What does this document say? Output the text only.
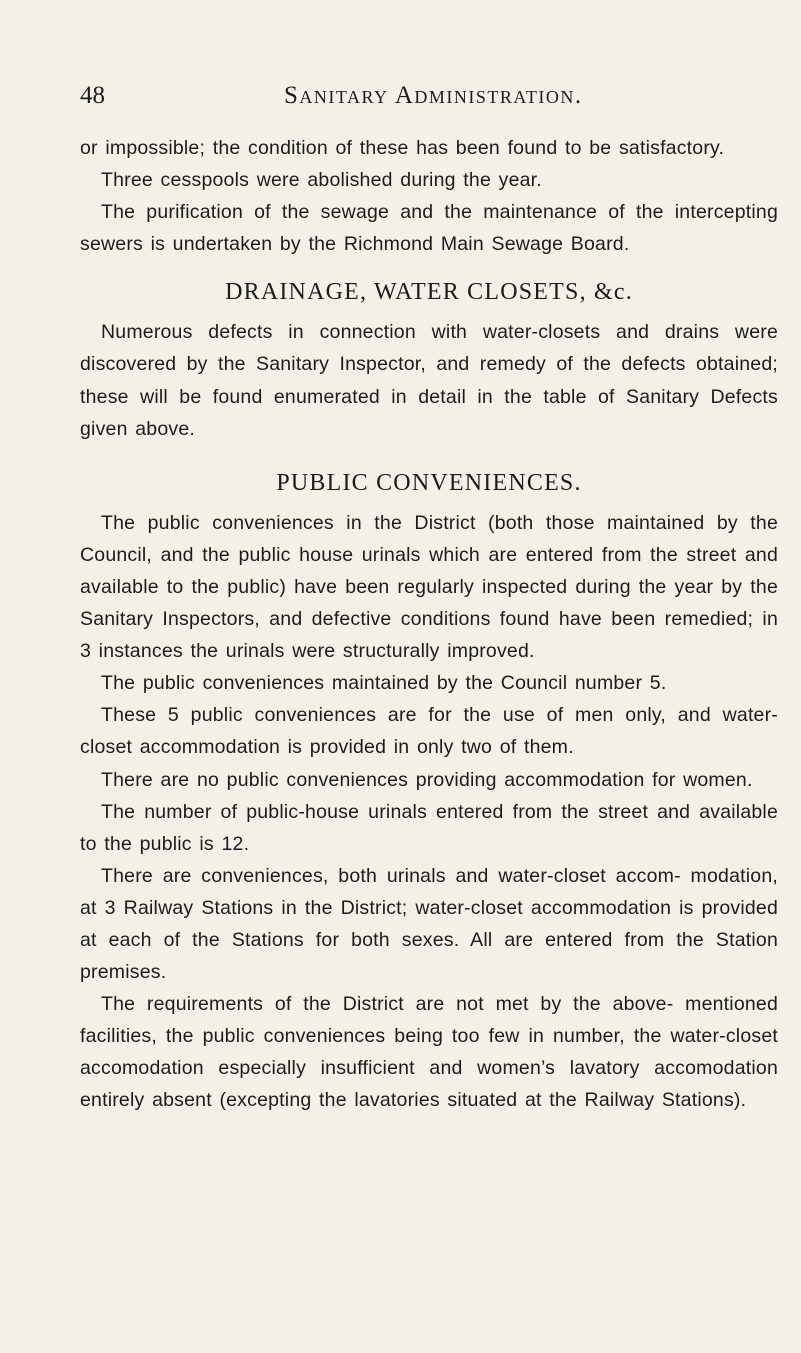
48	Sanitary Administration.

or impossible; the condition of these has been found to be satisfactory.

Three cesspools were abolished during the year.

The purification of the sewage and the maintenance of the intercepting sewers is undertaken by the Richmond Main Sewage Board.

DRAINAGE, WATER CLOSETS, &c.

Numerous defects in connection with water-closets and drains were discovered by the Sanitary Inspector, and remedy of the defects obtained; these will be found enumerated in detail in the table of Sanitary Defects given above.

PUBLIC CONVENIENCES.

The public conveniences in the District (both those maintained by the Council, and the public house urinals which are entered from the street and available to the public) have been regularly inspected during the year by the Sanitary Inspectors, and defective conditions found have been remedied; in 3 instances the urinals were structurally improved.

The public conveniences maintained by the Council number 5.

These 5 public conveniences are for the use of men only, and water-closet accommodation is provided in only two of them.

There are no public conveniences providing accommodation for women.

The number of public-house urinals entered from the street and available to the public is 12.

There are conveniences, both urinals and water-closet accom- modation, at 3 Railway Stations in the District; water-closet accommodation is provided at each of the Stations for both sexes. All are entered from the Station premises.

The requirements of the District are not met by the above- mentioned facilities, the public conveniences being too few in number, the water-closet accomodation especially insufficient and women’s lavatory accomodation entirely absent (excepting the lavatories situated at the Railway Stations).
